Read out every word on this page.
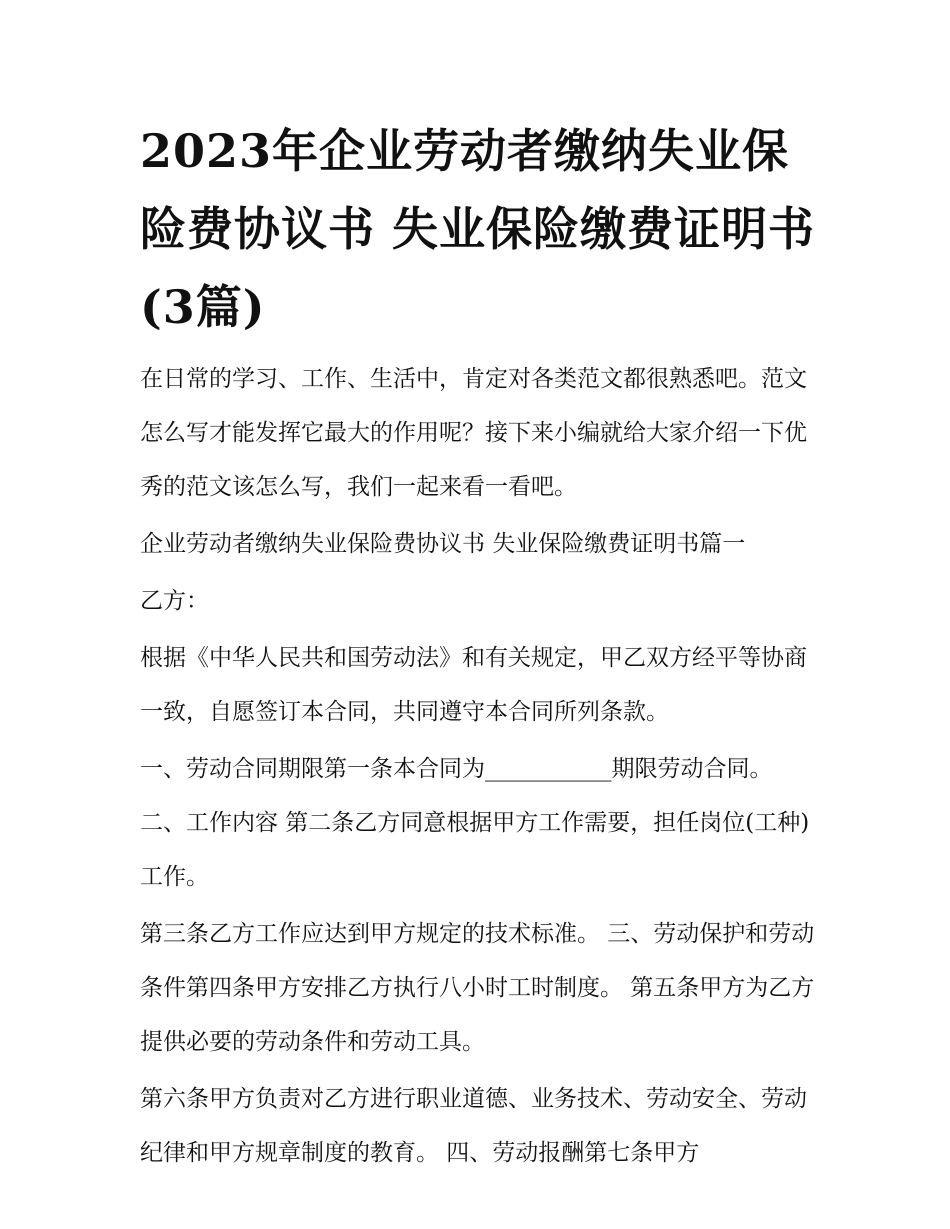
2023年企业劳动者缴纳失业保险费协议书 失业保险缴费证明书(3篇)

在日常的学习、工作、生活中，肯定对各类范文都很熟悉吧。范文怎么写才能发挥它最大的作用呢？接下来小编就给大家介绍一下优秀的范文该怎么写，我们一起来看一看吧。

企业劳动者缴纳失业保险费协议书 失业保险缴费证明书篇一

乙方：

根据《中华人民共和国劳动法》和有关规定，甲乙双方经平等协商一致，自愿签订本合同，共同遵守本合同所列条款。

一、劳动合同期限第一条本合同为___________期限劳动合同。 二、工作内容 第二条乙方同意根据甲方工作需要，担任岗位(工种)工作。

第三条乙方工作应达到甲方规定的技术标准。 三、劳动保护和劳动条件第四条甲方安排乙方执行八小时工时制度。 第五条甲方为乙方提供必要的劳动条件和劳动工具。

第六条甲方负责对乙方进行职业道德、业务技术、劳动安全、劳动纪律和甲方规章制度的教育。 四、劳动报酬第七条甲方
